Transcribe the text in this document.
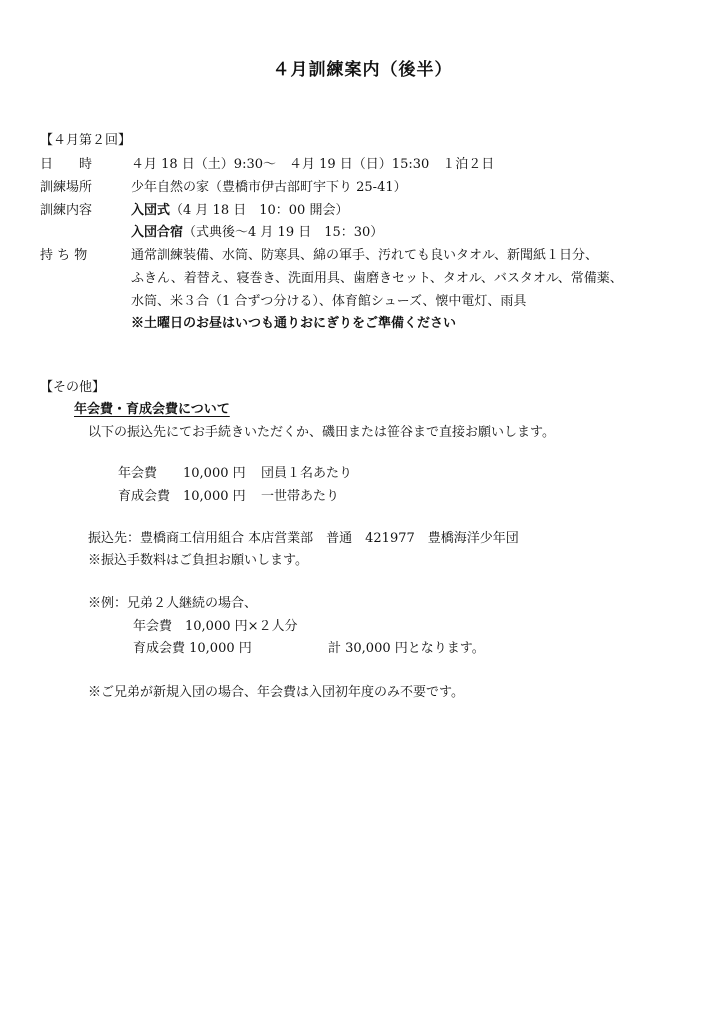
４月訓練案内（後半）
【４月第２回】
日　　時	４月 18 日（土）9:30～　４月 19 日（日）15:30　１泊２日
訓練場所	少年自然の家（豊橋市伊古部町宇下り 25-41）
訓練内容	入団式（4 月 18 日　10：00 開会）
入団合宿（式典後～4 月 19 日　15：30）
持 ち 物	通常訓練装備、水筒、防寒具、綿の軍手、汚れても良いタオル、新聞紙１日分、
ふきん、着替え、寝巻き、洗面用具、歯磨きセット、タオル、バスタオル、常備薬、
水筒、米３合（1 合ずつ分ける）、体育館シューズ、懐中電灯、雨具
※土曜日のお昼はいつも通りおにぎりをご準備ください
【その他】
年会費・育成会費について
以下の振込先にてお手続きいただくか、磯田または笹谷まで直接お願いします。
年会費 10,000 円 団員１名あたり
育成会費 10,000 円 一世帯あたり
振込先：豊橋商工信用組合 本店営業部　普通　421977　豊橋海洋少年団
※振込手数料はご負担お願いします。
※例：兄弟２人継続の場合、
年会費　10,000 円×２人分
育成会費 10,000 円	計 30,000 円となります。
※ご兄弟が新規入団の場合、年会費は入団初年度のみ不要です。
